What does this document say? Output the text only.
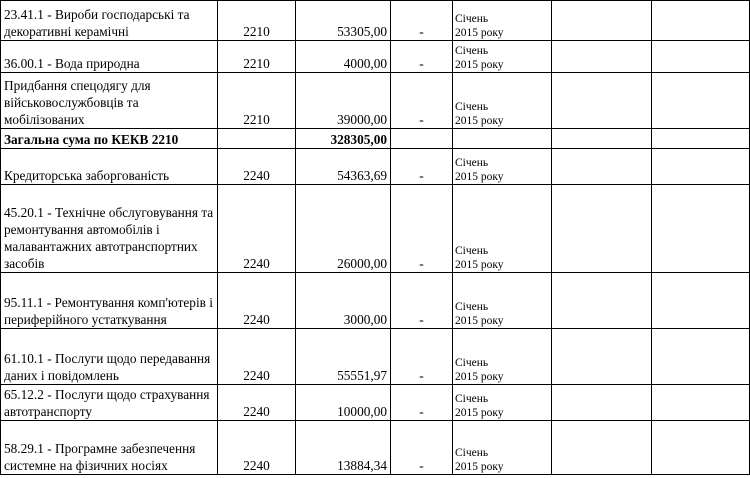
23.41.1 - Вироби господарські та декоративні керамічні	2210	53305,00	-	Січень
2015 року		

36.00.1 - Вода природна	2210	4000,00	-	Січень
2015 року		

Придбання спецодягу для військовослужбовців та мобілізованих	2210	39000,00	-	Січень
2015 року		

Загальна сума по КЕКВ 2210		328305,00				
Кредиторська заборгованість	2240	54363,69	-	Січень
2015 року		

45.20.1 - Технічне обслуговування та ремонтування автомобілів і малавантажних автотранспортних засобів	2240	26000,00	-	Січень
2015 року		

95.11.1 - Ремонтування комп'ютерів і периферійного устаткування	2240	3000,00	-	Січень
2015 року		

61.10.1 - Послуги щодо передавання даних і повідомлень	2240	55551,97	-	Січень
2015 року		

65.12.2 - Послуги щодо страхування автотранспорту	2240	10000,00	-	Січень
2015 року		

58.29.1 - Програмне забезпечення системне на фізичних носіях	2240	13884,34	-	Січень
2015 року		
